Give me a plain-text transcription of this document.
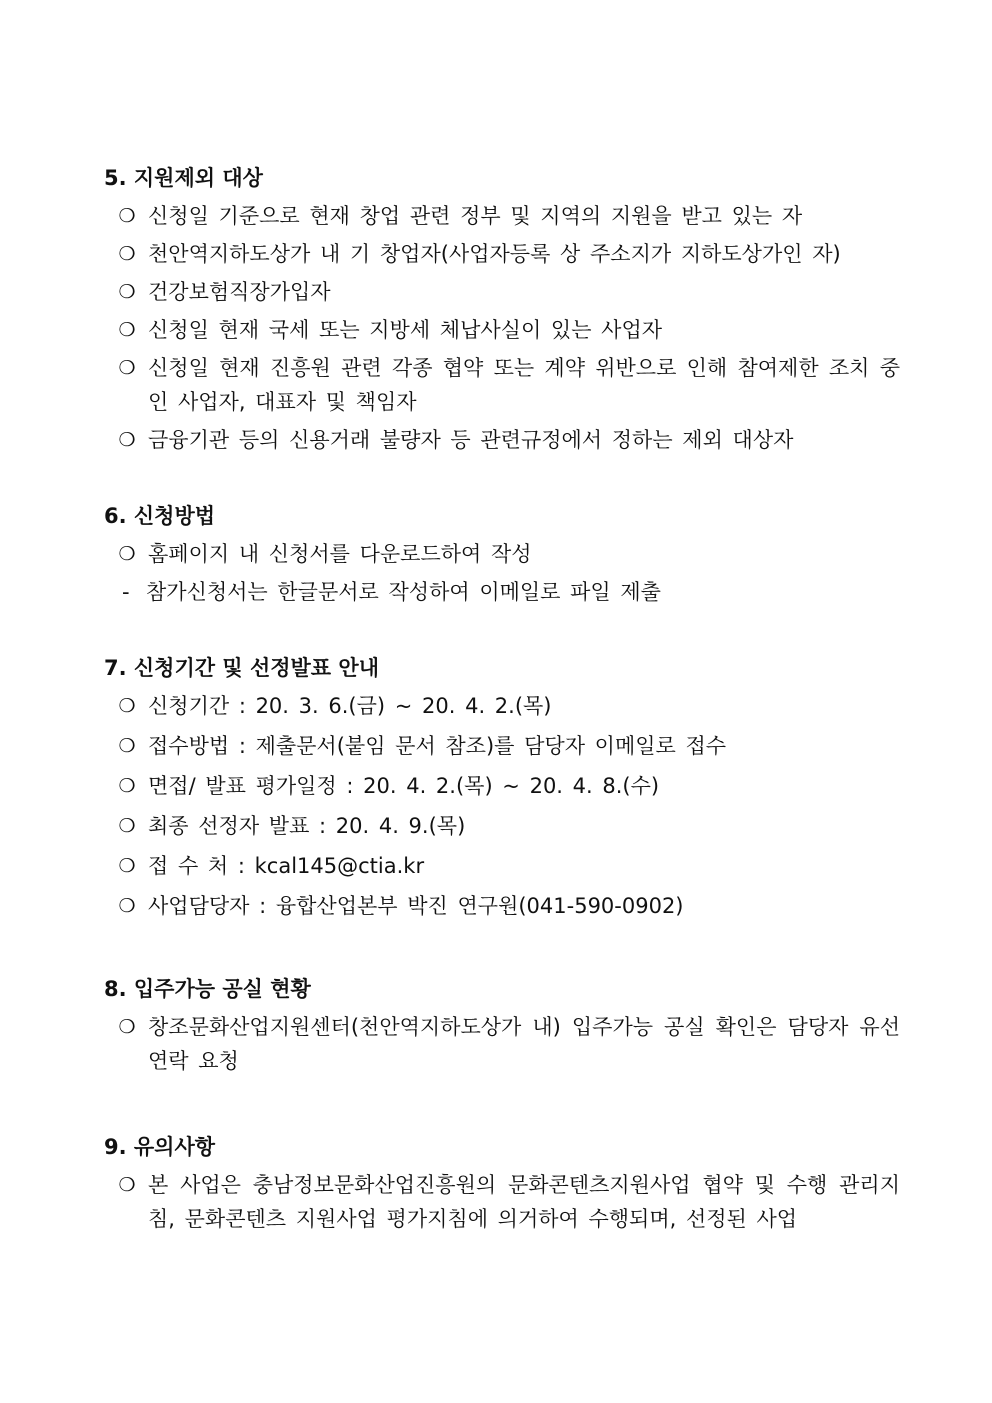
5. 지원제외 대상
❍ 신청일 기준으로 현재 창업 관련 정부 및 지역의 지원을 받고 있는 자
❍ 천안역지하도상가 내 기 창업자(사업자등록 상 주소지가 지하도상가인 자)
❍ 건강보험직장가입자
❍ 신청일 현재 국세 또는 지방세 체납사실이 있는 사업자
❍ 신청일 현재 진흥원 관련 각종 협약 또는 계약 위반으로 인해 참여제한 조치 중인 사업자, 대표자 및 책임자
❍ 금융기관 등의 신용거래 불량자 등 관련규정에서 정하는 제외 대상자
6. 신청방법
❍ 홈페이지 내 신청서를 다운로드하여 작성
- 참가신청서는 한글문서로 작성하여 이메일로 파일 제출
7. 신청기간 및 선정발표 안내
❍ 신청기간 : 20. 3. 6.(금) ~ 20. 4. 2.(목)
❍ 접수방법 : 제출문서(붙임 문서 참조)를 담당자 이메일로 접수
❍ 면접/ 발표 평가일정 : 20. 4. 2.(목) ~ 20. 4. 8.(수)
❍ 최종 선정자 발표 : 20. 4. 9.(목)
❍ 접 수 처 : kcal145@ctia.kr
❍ 사업담당자 : 융합산업본부 박진 연구원(041-590-0902)
8. 입주가능 공실 현황
❍ 창조문화산업지원센터(천안역지하도상가 내) 입주가능 공실 확인은 담당자 유선 연락 요청
9. 유의사항
❍ 본 사업은 충남정보문화산업진흥원의 문화콘텐츠지원사업 협약 및 수행 관리지침, 문화콘텐츠 지원사업 평가지침에 의거하여 수행되며, 선정된 사업
